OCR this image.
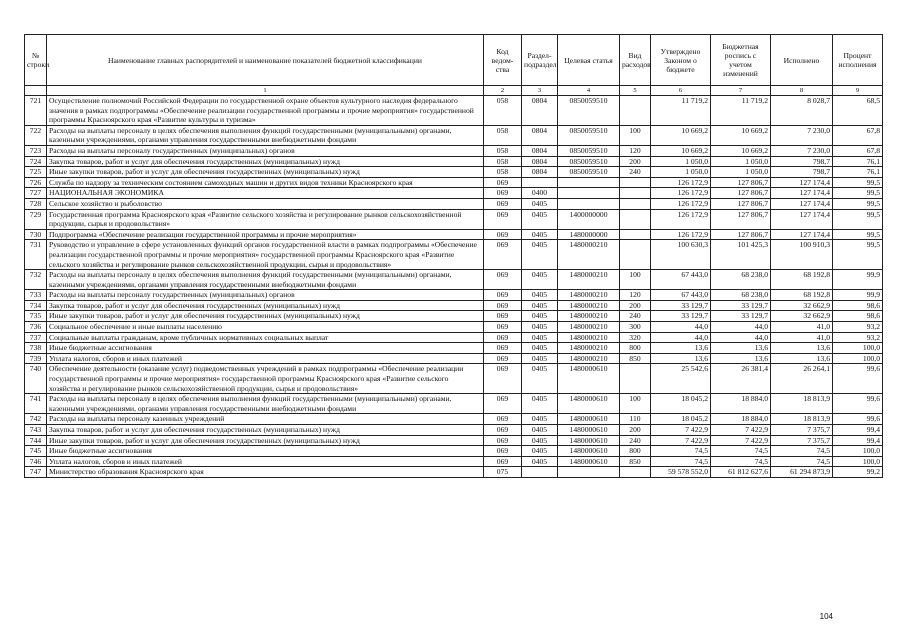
№ строки	Наименование главных распорядителей и наименование показателей бюджетной классификации	Код ведом-ства	Раздел-подраздел	Целевая статья	Вид расходов	Утверждено Законом о бюджете	Бюджетная роспись с учетом изменений	Исполнено	Процент исполнения
	1	2	3	4	5	6	7	8	9
721	Осуществление полномочий Российской Федерации по государственной охране объектов культурного наследия федерального значения в рамках подпрограммы «Обеспечение реализации государственной программы и прочие мероприятия» государственной программы Красноярского края «Развитие культуры и туризма»	058	0804	0850059510		11 719,2	11 719,2	8 028,7	68,5
722	Расходы на выплаты персоналу в целях обеспечения выполнения функций государственными (муниципальными) органами, казенными учреждениями, органами управления государственными внебюджетными фондами	058	0804	0850059510	100	10 669,2	10 669,2	7 230,0	67,8
723	Расходы на выплаты персоналу государственных (муниципальных) органов	058	0804	0850059510	120	10 669,2	10 669,2	7 230,0	67,8
724	Закупка товаров, работ и услуг для обеспечения государственных (муниципальных) нужд	058	0804	0850059510	200	1 050,0	1 050,0	798,7	76,1
725	Иные закупки товаров, работ и услуг для обеспечения государственных (муниципальных) нужд	058	0804	0850059510	240	1 050,0	1 050,0	798,7	76,1
726	Служба по надзору за техническим состоянием самоходных машин и других видов техники Красноярского края	069				126 172,9	127 806,7	127 174,4	99,5
727	НАЦИОНАЛЬНАЯ ЭКОНОМИКА	069	0400			126 172,9	127 806,7	127 174,4	99,5
728	Сельское хозяйство и рыболовство	069	0405			126 172,9	127 806,7	127 174,4	99,5
729	Государственная программа Красноярского края «Развитие сельского хозяйства и регулирование рынков сельскохозяйственной продукции, сырья и продовольствия»	069	0405	1400000000		126 172,9	127 806,7	127 174,4	99,5
730	Подпрограмма «Обеспечение реализации государственной программы и прочие мероприятия»	069	0405	1480000000		126 172,9	127 806,7	127 174,4	99,5
731	Руководство и управление в сфере установленных функций органов государственной власти в рамках подпрограммы «Обеспечение реализации государственной программы и прочие мероприятия» государственной программы Красноярского края «Развитие сельского хозяйства и регулирование рынков сельскохозяйственной продукции, сырья и продовольствия»	069	0405	1480000210		100 630,3	101 425,3	100 910,3	99,5
732	Расходы на выплаты персоналу в целях обеспечения выполнения функций государственными (муниципальными) органами, казенными учреждениями, органами управления государственными внебюджетными фондами	069	0405	1480000210	100	67 443,0	68 238,0	68 192,8	99,9
733	Расходы на выплаты персоналу государственных (муниципальных) органов	069	0405	1480000210	120	67 443,0	68 238,0	68 192,8	99,9
734	Закупка товаров, работ и услуг для обеспечения государственных (муниципальных) нужд	069	0405	1480000210	200	33 129,7	33 129,7	32 662,9	98,6
735	Иные закупки товаров, работ и услуг для обеспечения государственных (муниципальных) нужд	069	0405	1480000210	240	33 129,7	33 129,7	32 662,9	98,6
736	Социальное обеспечение и иные выплаты населению	069	0405	1480000210	300	44,0	44,0	41,0	93,2
737	Социальные выплаты гражданам, кроме публичных нормативных социальных выплат	069	0405	1480000210	320	44,0	44,0	41,0	93,2
738	Иные бюджетные ассигнования	069	0405	1480000210	800	13,6	13,6	13,6	100,0
739	Уплата налогов, сборов и иных платежей	069	0405	1480000210	850	13,6	13,6	13,6	100,0
740	Обеспечение деятельности (оказание услуг) подведомственных учреждений в рамках подпрограммы «Обеспечение реализации государственной программы и прочие мероприятия» государственной программы Красноярского края «Развитие сельского хозяйства и регулирование рынков сельскохозяйственной продукции, сырья и продовольствия»	069	0405	1480000610		25 542,6	26 381,4	26 264,1	99,6
741	Расходы на выплаты персоналу в целях обеспечения выполнения функций государственными (муниципальными) органами, казенными учреждениями, органами управления государственными внебюджетными фондами	069	0405	1480000610	100	18 045,2	18 884,0	18 813,9	99,6
742	Расходы на выплаты персоналу казенных учреждений	069	0405	1480000610	110	18 045,2	18 884,0	18 813,9	99,6
743	Закупка товаров, работ и услуг для обеспечения государственных (муниципальных) нужд	069	0405	1480000610	200	7 422,9	7 422,9	7 375,7	99,4
744	Иные закупки товаров, работ и услуг для обеспечения государственных (муниципальных) нужд	069	0405	1480000610	240	7 422,9	7 422,9	7 375,7	99,4
745	Иные бюджетные ассигнования	069	0405	1480000610	800	74,5	74,5	74,5	100,0
746	Уплата налогов, сборов и иных платежей	069	0405	1480000610	850	74,5	74,5	74,5	100,0
747	Министерство образования Красноярского края	075				59 578 552,0	61 812 627,6	61 294 873,9	99,2
104
